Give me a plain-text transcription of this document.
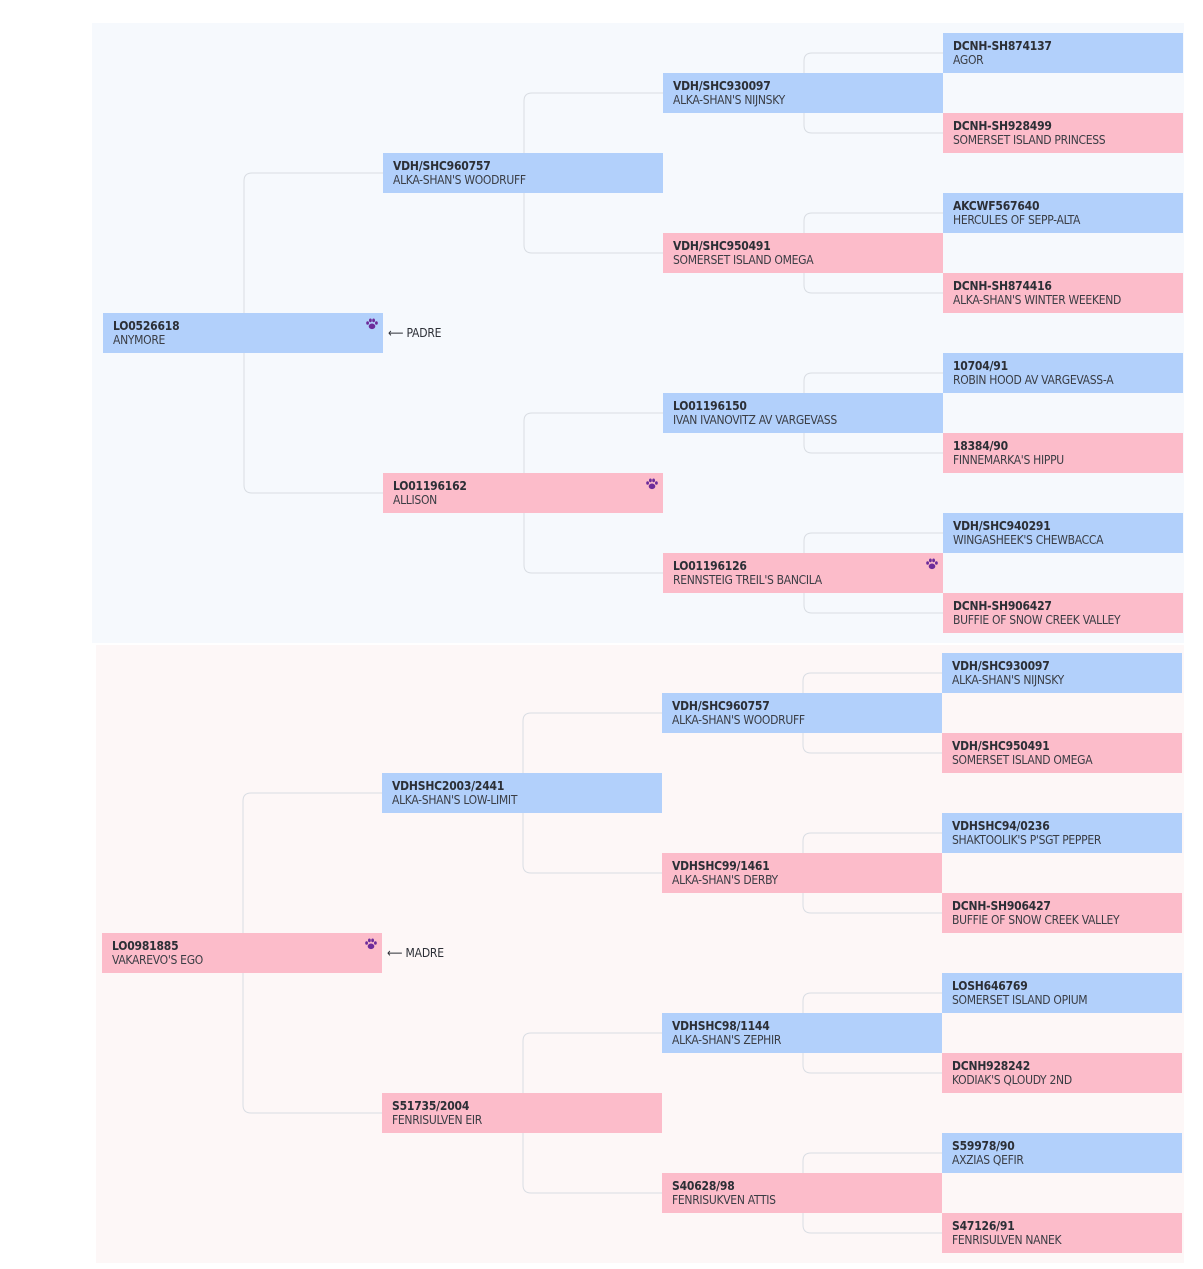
LO0526618
ANYMORE
VDH/SHC960757
ALKA-SHAN'S WOODRUFF
VDH/SHC930097
ALKA-SHAN'S NIJNSKY
DCNH-SH874137
AGOR
DCNH-SH928499
SOMERSET ISLAND PRINCESS
VDH/SHC950491
SOMERSET ISLAND OMEGA
AKCWF567640
HERCULES OF SEPP-ALTA
DCNH-SH874416
ALKA-SHAN'S WINTER WEEKEND
LO01196162
ALLISON
LO01196150
IVAN IVANOVITZ AV VARGEVASS
10704/91
ROBIN HOOD AV VARGEVASS-A
18384/90
FINNEMARKA'S HIPPU
LO01196126
RENNSTEIG TREIL'S BANCILA
VDH/SHC940291
WINGASHEEK'S CHEWBACCA
DCNH-SH906427
BUFFIE OF SNOW CREEK VALLEY
LO0981885
VAKAREVO'S EGO
VDHSHC2003/2441
ALKA-SHAN'S LOW-LIMIT
VDH/SHC960757
ALKA-SHAN'S WOODRUFF
VDH/SHC930097
ALKA-SHAN'S NIJNSKY
VDH/SHC950491
SOMERSET ISLAND OMEGA
VDHSHC99/1461
ALKA-SHAN'S DERBY
VDHSHC94/0236
SHAKTOOLIK'S P'SGT PEPPER
DCNH-SH906427
BUFFIE OF SNOW CREEK VALLEY
S51735/2004
FENRISULVEN EIR
VDHSHC98/1144
ALKA-SHAN'S ZEPHIR
LOSH646769
SOMERSET ISLAND OPIUM
DCNH928242
KODIAK'S QLOUDY 2ND
S40628/98
FENRISUKVEN ATTIS
S59978/90
AXZIAS QEFIR
S47126/91
FENRISULVEN NANEK
⟵ PADRE
⟵ MADRE
